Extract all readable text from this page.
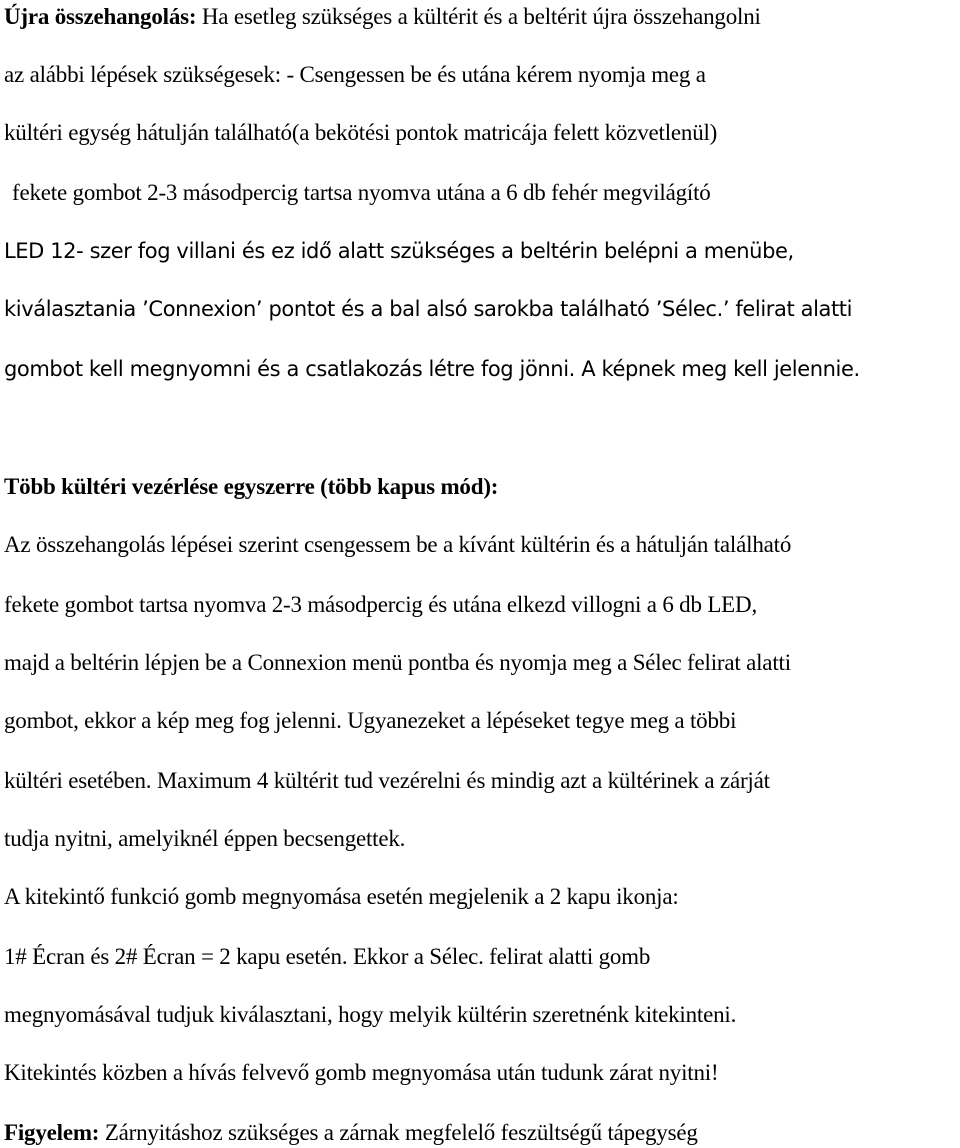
Újra összehangolás: Ha esetleg szükséges a kültérit és a beltérit újra összehangolni
az alábbi lépések szükségesek: - Csengessen be és utána kérem nyomja meg a
kültéri egység hátulján található(a bekötési pontok matricája felett közvetlenül)
fekete gombot 2-3 másodpercig tartsa nyomva utána a 6 db fehér megvilágító
LED 12- szer fog villani és ez idő alatt szükséges a beltérin belépni a menübe,
kiválasztania ’Connexion’ pontot és a bal alsó sarokba található ’Sélec.’ felirat alatti
gombot kell megnyomni és a csatlakozás létre fog jönni. A képnek meg kell jelennie.
Több kültéri vezérlése egyszerre (több kapus mód):
Az összehangolás lépései szerint csengessem be a kívánt kültérin és a hátulján található
fekete gombot tartsa nyomva 2-3 másodpercig és utána elkezd villogni a 6 db LED,
majd a beltérin lépjen be a Connexion menü pontba és nyomja meg a Sélec felirat alatti
gombot, ekkor a kép meg fog jelenni. Ugyanezeket a lépéseket tegye meg a többi
kültéri esetében. Maximum 4 kültérit tud vezérelni és mindig azt a kültérinek a zárját
tudja nyitni, amelyiknél éppen becsengettek.
A kitekintő funkció gomb megnyomása esetén megjelenik a 2 kapu ikonja:
1# Écran és 2# Écran = 2 kapu esetén. Ekkor a Sélec. felirat alatti gomb
megnyomásával tudjuk kiválasztani, hogy melyik kültérin szeretnénk kitekinteni.
Kitekintés közben a hívás felvevő gomb megnyomása után tudunk zárat nyitni!
Figyelem: Zárnyitáshoz szükséges a zárnak megfelelő feszültségű tápegység
